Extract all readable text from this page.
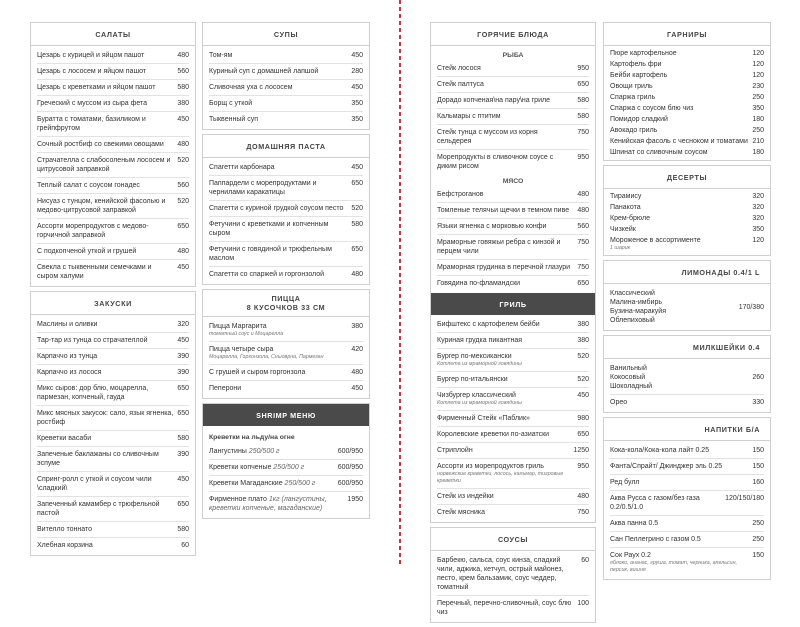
САЛАТЫ
Цезарь с курицей и яйцом пашот	480
Цезарь с лососем и яйцом пашот	560
Цезарь с креветками и яйцом пашот	580
Греческий с муссом из сыра фета	380
Буратта с томатами, базиликом и грейпфрутом
450
Сочный ростбиф со свежими овощами	480
Страчателла с слабосоленым лососем и цитрусовой заправкой
520
Теплый салат с соусом гонадес	560
Нисуаз с тунцом, кенийской фасолью и медово-цитрусовой заправкой
520
Ассорти морепродуктов с медово-горчичной заправкой
650
С подкопченой уткой и грушей	480
Свекла с тыквенными семечками и сыром халуми
450
ЗАКУСКИ
Маслины и оливки	320
Тар-тар из тунца со страчателлой	450
Карпаччо из тунца	390
Карпаччо из лосося	390
Микс сыров: дор блю, моцарелла, пармезан, копченый, гауда
650
Микс мясных закусок: сало, язык ягненка, ростбиф
650
Креветки васаби	580
Запеченые баклажаны со сливочным эспуме
390
Спринг-ролл с уткой и соусом чили \сладкий\
450
Запеченный камамбер с трюфельной пастой
650
Вителло тоннато	580
Хлебная корзина	60
СУПЫ
Том-ям	450
Куриный суп с домашней лапшой	280
Сливочная уха с лососем	450
Борщ с уткой	350
Тыквенный суп	350
ДОМАШНЯЯ ПАСТА
Спагетти карбонара	450
Паппардели с морепродуктами и чернилами каракатицы
650
Спагетти с куриной грудкой соусом песто	520
Фетучини с креветками и копченным сыром
580
Фетучини с говядиной и трюфельным маслом
650
Спагетти со спаржей и горгонзолой	480
ПИЦЦА
8 КУСОЧКОВ 33 СМ
Пицца Маргарита
томатный соус и Моцарелла
380
Пицца четыре сыра
Моцарелла, Горгонзола, Сныоврна, Пармезан
420
С грушей и сыром горгонзола	480
Пеперони	450
SHRIMP МЕНЮ
Креветки на льду/на огне
Лангустины 250/500 г	600/950
Креветки копченые 250/500 г	600/950
Креветки Магаданские 250/500 г	600/950
Фирменное плато 1кг (лангустины, креветки копченые, магаданские)
1950
ГОРЯЧИЕ БЛЮДА
РЫБА
Стейк лосося	950
Стейк палтуса	650
Дорадо копченая\на пару\на гриле	580
Кальмары с птитим	580
Стейк тунца с муссом из корня сельдерея
750
Морепродукты в сливочном соусе с диким рисом
950
МЯСО
Бефстроганов	480
Томленые телячьи щечки в темном пиве	480
Языки ягненка с морковью конфи	560
Мраморные говяжьи ребра с кинзой и перцем чили
750
Мраморная грудинка в перечной глазури	750
Говядина по-фламандски	650
ГРИЛЬ
Бифштекс с картофелем бейби	380
Куриная грудка пикантная	380
Бургер по-мексикански
Котлета из мраморной говядины
520
Бургер по-итальянски	520
Чизбургер классический
Котлета из мраморной говядины
450
Фирменный Стейк «Паблик»	980
Королевские креветки по-азиатски	650
Стриплойн	1250
Ассорти из морепродуктов гриль
норвежские креветки, лосось, кальмар, тигровые креветки
950
Стейк из индейки	480
Стейк мясника	750
СОУСЫ
Барбекю, сальса, соус кинза, сладкий чили, аджика, кетчуп, острый майонез, песто, крем бальзамик, соус чеддер, томатный
60
Перечный, перечно-сливочный, соус блю чиз
100
ГАРНИРЫ
Пюре картофельное	120
Картофель фри	120
Бейби картофель	120
Овощи гриль	230
Спаржа гриль	250
Спаржа с соусом блю чиз	350
Помидор сладкий	180
Авокадо гриль	250
Кенийская фасоль с чесноком и томатами 210
Шпинат со сливочным соусом	180
ДЕСЕРТЫ
Тирамису	320
Панакота	320
Крем-брюле	320
Чизкейк	350
Мороженое в ассортименте
1 шарик
120
ЛИМОНАДЫ 0.4/1 L
Классический
Малина-имбирь
Бузина-маракуйя
Облепиховый
170/380
МИЛКШЕЙКИ 0.4
Ванильный
Кокосовый
Шоколадный
260
Орео	330
НАПИТКИ Б/А
Кока-кола/Кока-кола лайт 0.25	150
Фанта/Спрайт/ Джинджер эль 0.25	150
Ред булл	160
Аква Русса с газом/без газа 0.2/0.5/1.0
120/150/180
Аква панна 0.5	250
Сан Пеллегрино с газом 0.5	250
Сок Раух 0.2
яблоко, ананас, груша, томат, черника, апельсин, персик, вишня
150
